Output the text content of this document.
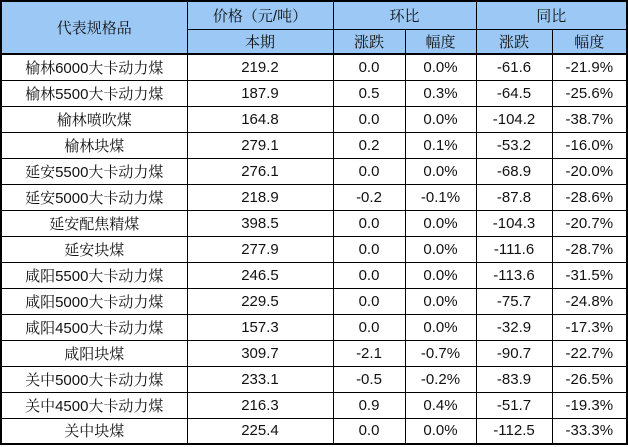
代表规格品	价格（元/吨）	环比		同比	
	本期	涨跌	幅度	涨跌	幅度
榆林6000大卡动力煤	219.2	0.0	0.0%	-61.6	-21.9%
榆林5500大卡动力煤	187.9	0.5	0.3%	-64.5	-25.6%
榆林喷吹煤	164.8	0.0	0.0%	-104.2	-38.7%
榆林块煤	279.1	0.2	0.1%	-53.2	-16.0%
延安5500大卡动力煤	276.1	0.0	0.0%	-68.9	-20.0%
延安5000大卡动力煤	218.9	-0.2	-0.1%	-87.8	-28.6%
延安配焦精煤	398.5	0.0	0.0%	-104.3	-20.7%
延安块煤	277.9	0.0	0.0%	-111.6	-28.7%
咸阳5500大卡动力煤	246.5	0.0	0.0%	-113.6	-31.5%
咸阳5000大卡动力煤	229.5	0.0	0.0%	-75.7	-24.8%
咸阳4500大卡动力煤	157.3	0.0	0.0%	-32.9	-17.3%
咸阳块煤	309.7	-2.1	-0.7%	-90.7	-22.7%
关中5000大卡动力煤	233.1	-0.5	-0.2%	-83.9	-26.5%
关中4500大卡动力煤	216.3	0.9	0.4%	-51.7	-19.3%
关中块煤	225.4	0.0	0.0%	-112.5	-33.3%
